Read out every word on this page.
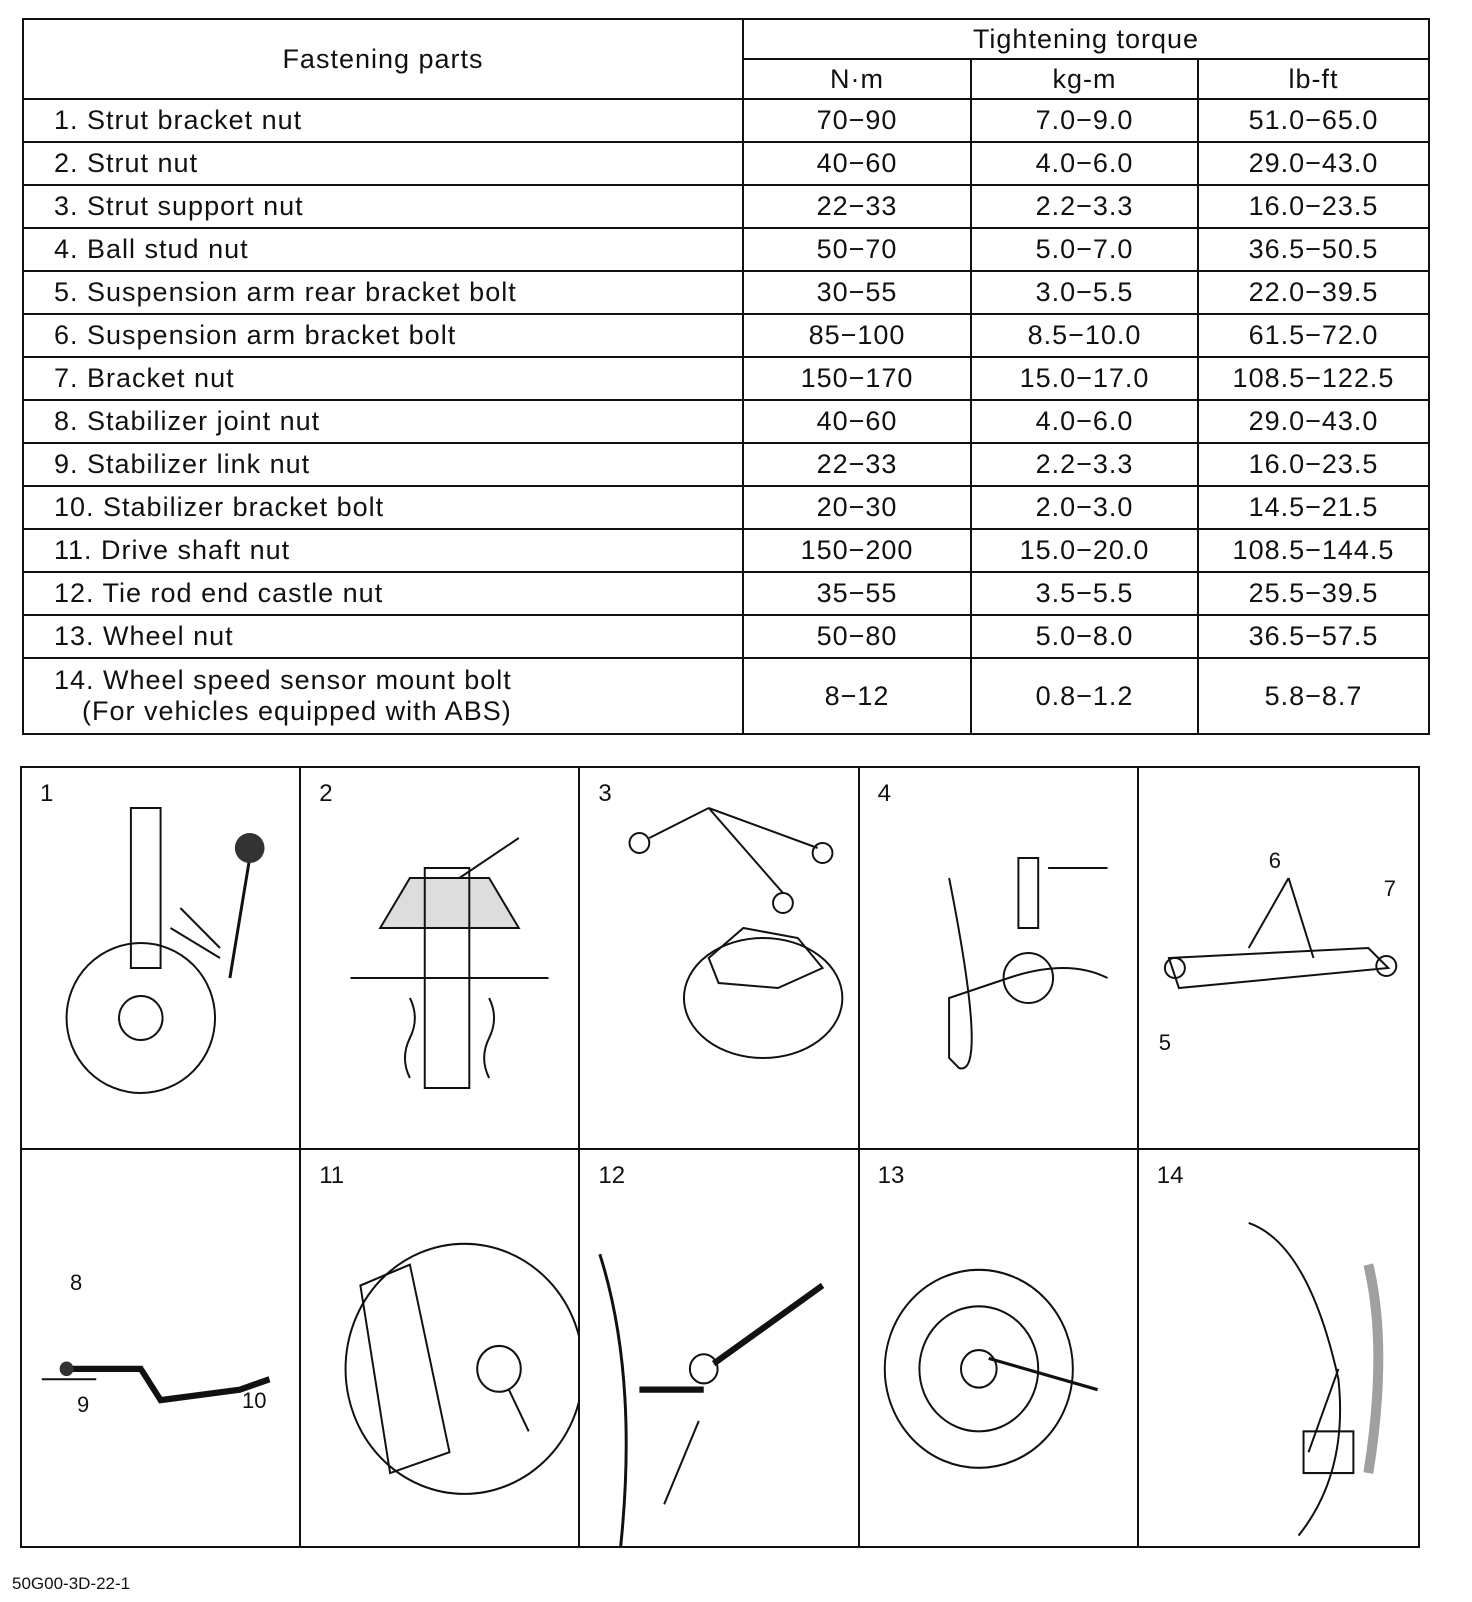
Fastening parts	Tightening torque		
	N·m	kg-m	lb-ft
1. Strut bracket nut	70−90	7.0−9.0	51.0−65.0
2. Strut nut	40−60	4.0−6.0	29.0−43.0
3. Strut support nut	22−33	2.2−3.3	16.0−23.5
4. Ball stud nut	50−70	5.0−7.0	36.5−50.5
5. Suspension arm rear bracket bolt	30−55	3.0−5.5	22.0−39.5
6. Suspension arm bracket bolt	85−100	8.5−10.0	61.5−72.0
7. Bracket nut	150−170	15.0−17.0	108.5−122.5
8. Stabilizer joint nut	40−60	4.0−6.0	29.0−43.0
9. Stabilizer link nut	22−33	2.2−3.3	16.0−23.5
10. Stabilizer bracket bolt	20−30	2.0−3.0	14.5−21.5
11. Drive shaft nut	150−200	15.0−20.0	108.5−144.5
12. Tie rod end castle nut	35−55	3.5−5.5	25.5−39.5
13. Wheel nut	50−80	5.0−8.0	36.5−57.5
14. Wheel speed sensor mount bolt
(For vehicles equipped with ABS)	8−12	0.8−1.2	5.8−8.7
1	2	3	4
6
7
5
8
9	10
11	12	13	14
50G00-3D-22-1
